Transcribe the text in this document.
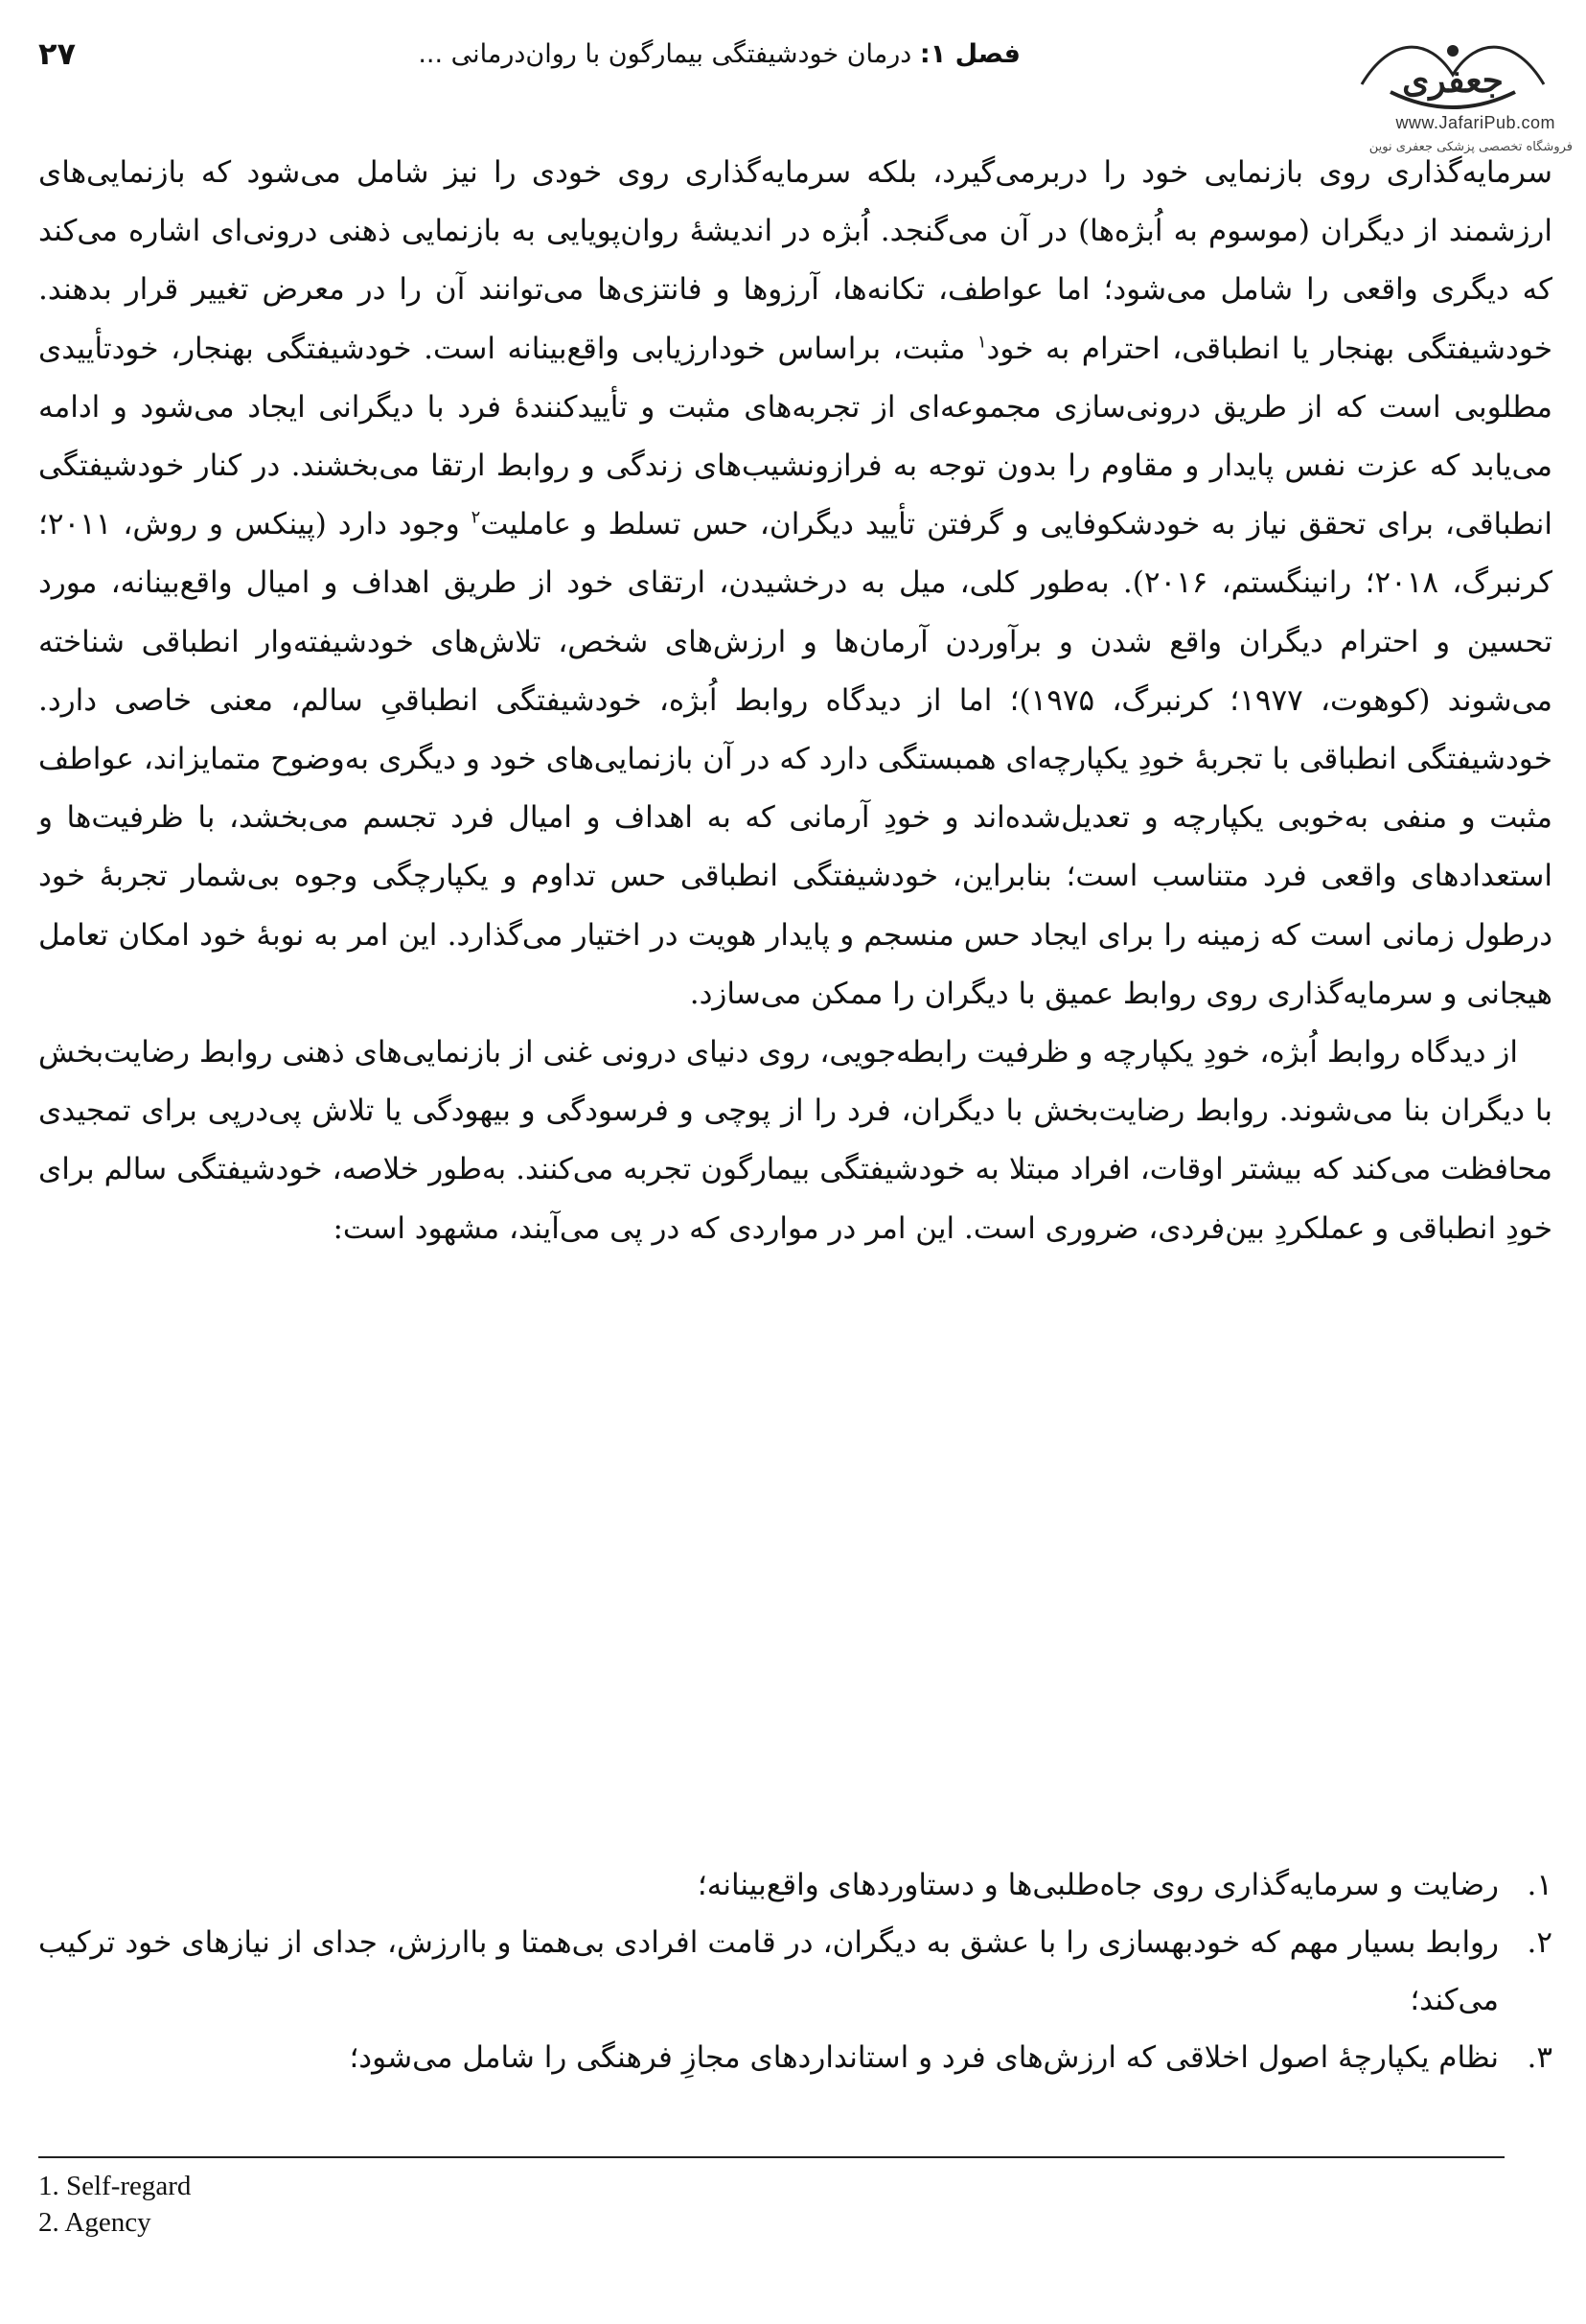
فصل ۱: درمان خودشیفتگی بیمارگون با روان‌درمانی ...
۲۷
جعفری
www.JafariPub.com
فروشگاه تخصصی پزشکی جعفری نوین

سرمایه‌گذاری روی بازنمایی خود را دربرمی‌گیرد، بلکه سرمایه‌گذاری روی خودی را نیز شامل می‌شود که بازنمایی‌های ارزشمند از دیگران (موسوم به اُبژه‌ها) در آن می‌گنجد. اُبژه در اندیشهٔ روان‌پویایی به بازنمایی ذهنی درونی‌ای اشاره می‌کند که دیگری واقعی را شامل می‌شود؛ اما عواطف، تکانه‌ها، آرزوها و فانتزی‌ها می‌توانند آن را در معرض تغییر قرار بدهند. خودشیفتگی بهنجار یا انطباقی، احترام به خود$^۱$ مثبت، براساس خودارزیابی واقع‌بینانه است. خودشیفتگی بهنجار، خودتأییدی مطلوبی است که از طریق درونی‌سازی مجموعه‌ای از تجربه‌های مثبت و تأییدکنندهٔ فرد با دیگرانی ایجاد می‌شود و ادامه می‌یابد که عزت نفس پایدار و مقاوم را بدون توجه به فرازونشیب‌های زندگی و روابط ارتقا می‌بخشند. در کنار خودشیفتگی انطباقی، برای تحقق نیاز به خودشکوفایی و گرفتن تأیید دیگران، حس تسلط و عاملیت$^۲$ وجود دارد (پینکس و روش، ۲۰۱۱؛ کرنبرگ، ۲۰۱۸؛ رانینگستم، ۲۰۱۶). به‌طور کلی، میل به درخشیدن، ارتقای خود از طریق اهداف و امیال واقع‌بینانه، مورد تحسین و احترام دیگران واقع شدن و برآوردن آرمان‌ها و ارزش‌های شخص، تلاش‌های خودشیفته‌وار انطباقی شناخته می‌شوند (کوهوت، ۱۹۷۷؛ کرنبرگ، ۱۹۷۵)؛ اما از دیدگاه روابط اُبژه، خودشیفتگی انطباقیِ سالم، معنی خاصی دارد. خودشیفتگی انطباقی با تجربهٔ خودِ یکپارچه‌ای همبستگی دارد که در آن بازنمایی‌های خود و دیگری به‌وضوح متمایزاند، عواطف مثبت و منفی به‌خوبی یکپارچه و تعدیل‌شده‌اند و خودِ آرمانی که به اهداف و امیال فرد تجسم می‌بخشد، با ظرفیت‌ها و استعدادهای واقعی فرد متناسب است؛ بنابراین، خودشیفتگی انطباقی حس تداوم و یکپارچگی وجوه بی‌شمار تجربهٔ خود درطول زمانی است که زمینه را برای ایجاد حس منسجم و پایدار هویت در اختیار می‌گذارد. این امر به نوبهٔ خود امکان تعامل هیجانی و سرمایه‌گذاری روی روابط عمیق با دیگران را ممکن می‌سازد.

از دیدگاه روابط اُبژه، خودِ یکپارچه و ظرفیت رابطه‌جویی، روی دنیای درونی غنی از بازنمایی‌های ذهنی روابط رضایت‌بخش با دیگران بنا می‌شوند. روابط رضایت‌بخش با دیگران، فرد را از پوچی و فرسودگی و بیهودگی یا تلاش پی‌درپی برای تمجیدی محافظت می‌کند که بیشتر اوقات، افراد مبتلا به خودشیفتگی بیمارگون تجربه می‌کنند. به‌طور خلاصه، خودشیفتگی سالم برای خودِ انطباقی و عملکردِ بین‌فردی، ضروری است. این امر در مواردی که در پی می‌آیند، مشهود است:

۱.
رضایت و سرمایه‌گذاری روی جاه‌طلبی‌ها و دستاوردهای واقع‌بینانه؛
۲.
روابط بسیار مهم که خودبهسازی را با عشق به دیگران، در قامت افرادی بی‌همتا و باارزش، جدای از نیازهای خود ترکیب می‌کند؛
۳.
نظام یکپارچهٔ اصول اخلاقی که ارزش‌های فرد و استانداردهای مجازِ فرهنگی را شامل می‌شود؛
1. Self-regard
2. Agency
